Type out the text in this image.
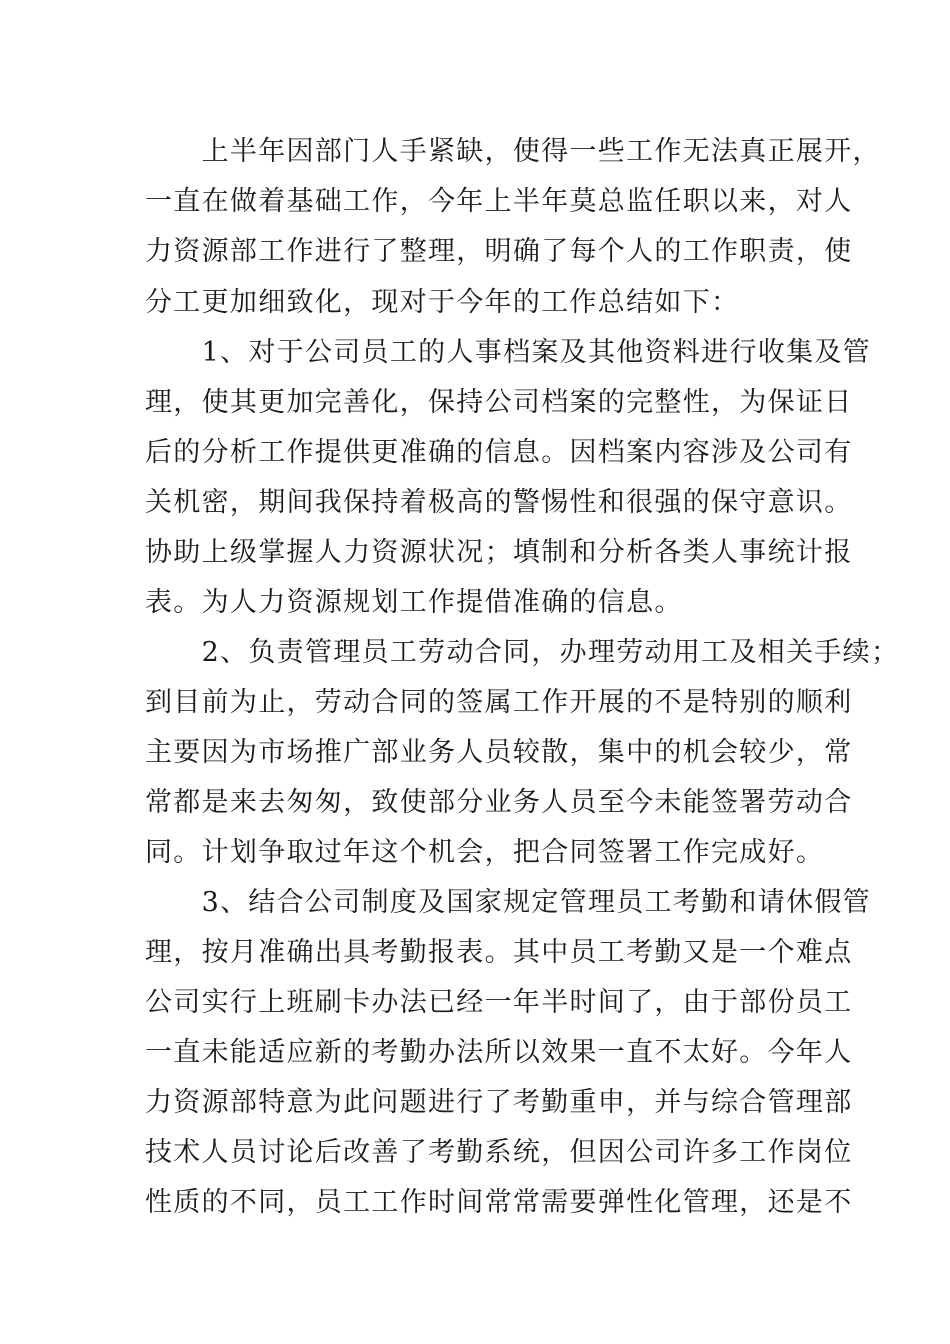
　　上半年因部门人手紧缺，使得一些工作无法真正展开，
一直在做着基础工作，今年上半年莫总监任职以来，对人
力资源部工作进行了整理，明确了每个人的工作职责，使
分工更加细致化，现对于今年的工作总结如下：
　　1、对于公司员工的人事档案及其他资料进行收集及管
理，使其更加完善化，保持公司档案的完整性，为保证日
后的分析工作提供更准确的信息。因档案内容涉及公司有
关机密，期间我保持着极高的警惕性和很强的保守意识。
协助上级掌握人力资源状况；填制和分析各类人事统计报
表。为人力资源规划工作提借准确的信息。
　　2、负责管理员工劳动合同，办理劳动用工及相关手续；
到目前为止，劳动合同的签属工作开展的不是特别的顺利
主要因为市场推广部业务人员较散，集中的机会较少，常
常都是来去匆匆，致使部分业务人员至今未能签署劳动合
同。计划争取过年这个机会，把合同签署工作完成好。
　　3、结合公司制度及国家规定管理员工考勤和请休假管
理，按月准确出具考勤报表。其中员工考勤又是一个难点
公司实行上班刷卡办法已经一年半时间了，由于部份员工
一直未能适应新的考勤办法所以效果一直不太好。今年人
力资源部特意为此问题进行了考勤重申，并与综合管理部
技术人员讨论后改善了考勤系统，但因公司许多工作岗位
性质的不同，员工工作时间常常需要弹性化管理，还是不
